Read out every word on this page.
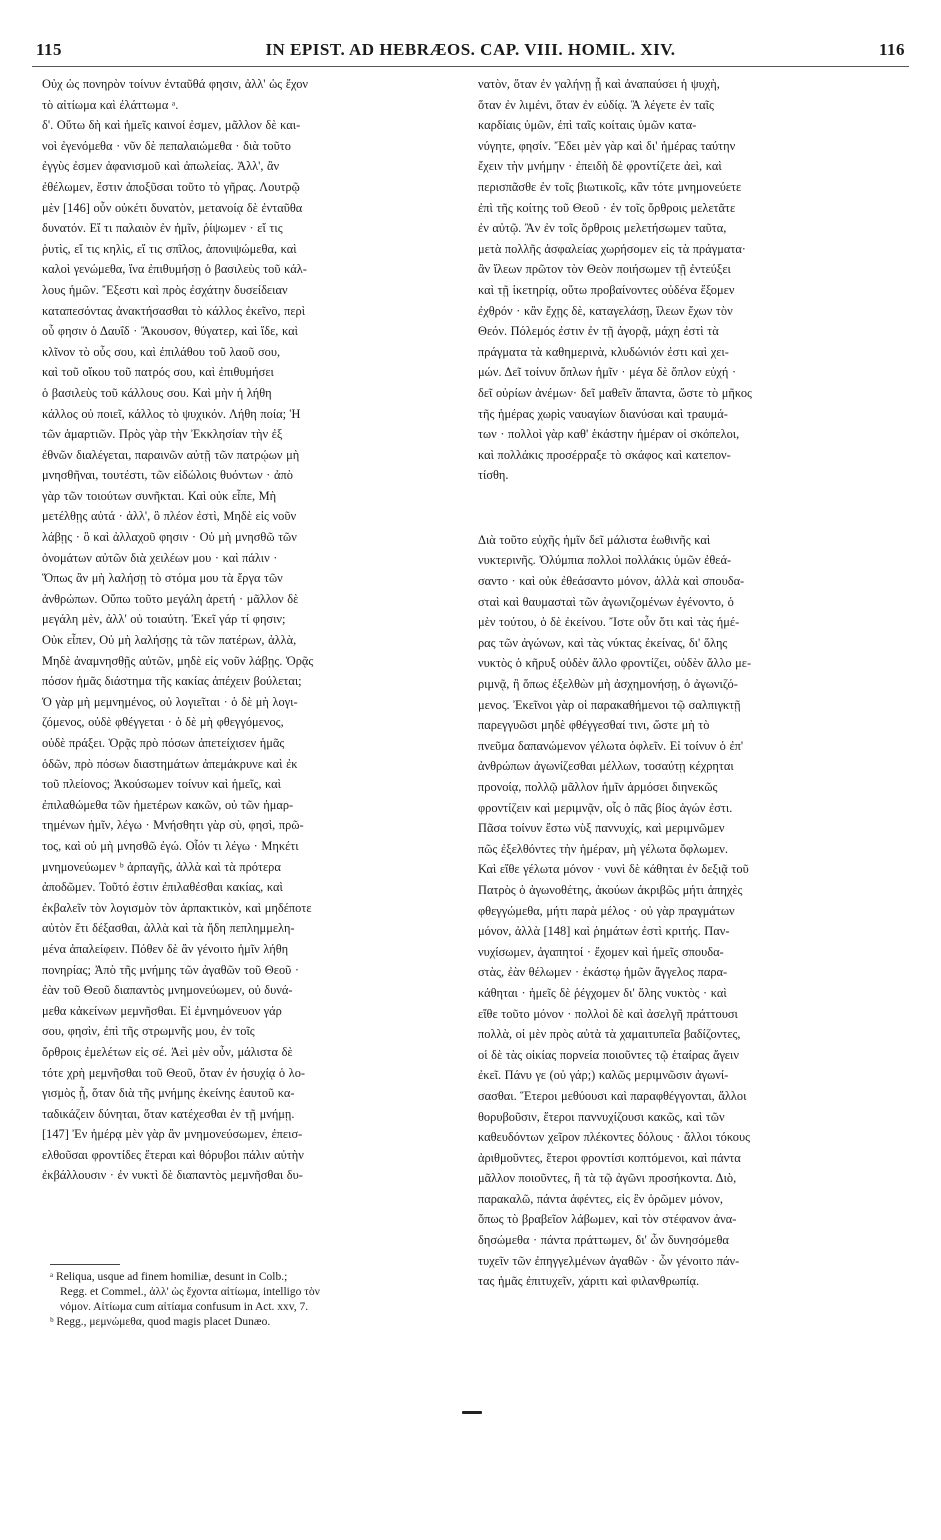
115	IN EPIST. AD HEBRÆOS. CAP. VIII. HOMIL. XIV.	116
Οὐχ ὡς πονηρὸν τοίνυν ἐνταῦθά φησιν, ἀλλ' ὡς ἔχον
τὸ αἰτίωμα καὶ ἐλάττωμα ᵃ.
δ'. Οὕτω δὴ καὶ ἡμεῖς καινοί ἐσμεν, μᾶλλον δὲ και-
νοὶ ἐγενόμεθα · νῦν δὲ πεπαλαιώμεθα · διὰ τοῦτο
ἐγγὺς ἐσμεν ἀφανισμοῦ καὶ ἀπωλείας. Ἀλλ', ἂν
ἐθέλωμεν, ἔστιν ἀποξῦσαι τοῦτο τὸ γῆρας. Λουτρῷ
μὲν [146] οὖν οὐκέτι δυνατὸν, μετανοίᾳ δὲ ἐνταῦθα
δυνατόν. Εἴ τι παλαιὸν ἐν ἡμῖν, ῥίψωμεν · εἴ τις
ῥυτὶς, εἴ τις κηλὶς, εἴ τις σπῖλος, ἀπονιψώμεθα, καὶ
καλοὶ γενώμεθα, ἵνα ἐπιθυμήσῃ ὁ βασιλεὺς τοῦ κάλ-
λους ἡμῶν. Ἔξεστι καὶ πρὸς ἐσχάτην δυσείδειαν
καταπεσόντας ἀνακτήσασθαι τὸ κάλλος ἐκεῖνο, περὶ
οὗ φησιν ὁ Δαυΐδ · Ἄκουσον, θύγατερ, καὶ ἴδε, καὶ
κλῖνον τὸ οὖς σου, καὶ ἐπιλάθου τοῦ λαοῦ σου,
καὶ τοῦ οἴκου τοῦ πατρός σου, καὶ ἐπιθυμήσει
ὁ βασιλεὺς τοῦ κάλλους σου. Καὶ μὴν ἡ λήθη
κάλλος οὐ ποιεῖ, κάλλος τὸ ψυχικόν. Λήθη ποία; Ἡ
τῶν ἁμαρτιῶν. Πρὸς γὰρ τὴν Ἐκκλησίαν τὴν ἐξ
ἐθνῶν διαλέγεται, παραινῶν αὐτῇ τῶν πατρῴων μὴ
μνησθῆναι, τουτέστι, τῶν εἰδώλοις θυόντων · ἀπὸ
γὰρ τῶν τοιούτων συνῆκται. Καὶ οὐκ εἶπε, Μὴ
μετέλθῃς αὐτά · ἀλλ', ὃ πλέον ἐστὶ, Μηδὲ εἰς νοῦν
λάβῃς · ὃ καὶ ἀλλαχοῦ φησιν · Οὐ μὴ μνησθῶ τῶν
ὀνομάτων αὐτῶν διὰ χειλέων μου · καὶ πάλιν ·
Ὅπως ἂν μὴ λαλήσῃ τὸ στόμα μου τὰ ἔργα τῶν
ἀνθρώπων. Οὕπω τοῦτο μεγάλη ἀρετή · μᾶλλον δὲ
μεγάλη μὲν, ἀλλ' οὐ τοιαύτη. Ἐκεῖ γάρ τί φησιν;
Οὐκ εἶπεν, Οὐ μὴ λαλήσῃς τὰ τῶν πατέρων, ἀλλὰ,
Μηδὲ ἀναμνησθῇς αὐτῶν, μηδὲ εἰς νοῦν λάβῃς. Ὁρᾷς
πόσον ἡμᾶς διάστημα τῆς κακίας ἀπέχειν βούλεται;
Ὁ γὰρ μὴ μεμνημένος, οὐ λογιεῖται · ὁ δὲ μὴ λογι-
ζόμενος, οὐδὲ φθέγγεται · ὁ δὲ μὴ φθεγγόμενος,
οὐδὲ πράξει. Ὁρᾷς πρὸ πόσων ἀπετείχισεν ἡμᾶς
ὁδῶν, πρὸ πόσων διαστημάτων ἀπεμάκρυνε καὶ ἐκ
τοῦ πλείονος; Ἀκούσωμεν τοίνυν καὶ ἡμεῖς, καὶ
ἐπιλαθώμεθα τῶν ἡμετέρων κακῶν, οὐ τῶν ἡμαρ-
τημένων ἡμῖν, λέγω · Μνήσθητι γὰρ σὺ, φησὶ, πρῶ-
τος, καὶ οὐ μὴ μνησθῶ ἐγώ. Οἷόν τι λέγω · Μηκέτι
μνημονεύωμεν ᵇ ἁρπαγῆς, ἀλλὰ καὶ τὰ πρότερα
ἀποδῶμεν. Τοῦτό ἐστιν ἐπιλαθέσθαι κακίας, καὶ
ἐκβαλεῖν τὸν λογισμὸν τὸν ἁρπακτικὸν, καὶ μηδέποτε
αὐτὸν ἔτι δέξασθαι, ἀλλὰ καὶ τὰ ἤδη πεπλημμελη-
μένα ἀπαλείφειν. Πόθεν δὲ ἂν γένοιτο ἡμῖν λήθη
πονηρίας; Ἀπὸ τῆς μνήμης τῶν ἀγαθῶν τοῦ Θεοῦ ·
ἐὰν τοῦ Θεοῦ διαπαντὸς μνημονεύωμεν, οὐ δυνά-
μεθα κἀκείνων μεμνῆσθαι. Εἰ ἐμνημόνευον γάρ
σου, φησὶν, ἐπὶ τῆς στρωμνῆς μου, ἐν τοῖς
ὄρθροις ἐμελέτων εἰς σέ. Ἀεὶ μὲν οὖν, μάλιστα δὲ
τότε χρὴ μεμνῆσθαι τοῦ Θεοῦ, ὅταν ἐν ἡσυχίᾳ ὁ λο-
γισμὸς ᾖ, ὅταν διὰ τῆς μνήμης ἐκείνης ἑαυτοῦ κα-
ταδικάζειν δύνηται, ὅταν κατέχεσθαι ἐν τῇ μνήμῃ.
[147] Ἐν ἡμέρᾳ μὲν γὰρ ἂν μνημονεύσωμεν, ἐπεισ-
ελθοῦσαι φροντίδες ἕτεραι καὶ θόρυβοι πάλιν αὐτὴν
ἐκβάλλουσιν · ἐν νυκτὶ δὲ διαπαντὸς μεμνῆσθαι δυ-
νατὸν, ὅταν ἐν γαλήνῃ ᾖ καὶ ἀναπαύσει ἡ ψυχὴ,
ὅταν ἐν λιμένι, ὅταν ἐν εὐδίᾳ. Ἃ λέγετε ἐν ταῖς
καρδίαις ὑμῶν, ἐπὶ ταῖς κοίταις ὑμῶν κατα-
νύγητε, φησίν. Ἔδει μὲν γὰρ καὶ δι' ἡμέρας ταύτην
ἔχειν τὴν μνήμην · ἐπειδὴ δὲ φροντίζετε ἀεὶ, καὶ
περισπᾶσθε ἐν τοῖς βιωτικοῖς, κἂν τότε μνημονεύετε
ἐπὶ τῆς κοίτης τοῦ Θεοῦ · ἐν τοῖς ὄρθροις μελετᾶτε
ἐν αὐτῷ. Ἂν ἐν τοῖς ὄρθροις μελετήσωμεν ταῦτα,
μετὰ πολλῆς ἀσφαλείας χωρήσομεν εἰς τὰ πράγματα·
ἂν ἵλεων πρῶτον τὸν Θεὸν ποιήσωμεν τῇ ἐντεύξει
καὶ τῇ ἱκετηρίᾳ, οὕτω προβαίνοντες οὐδένα ἕξομεν
ἐχθρόν · κἂν ἔχῃς δὲ, καταγελάσῃ, ἵλεων ἔχων τὸν
Θεόν. Πόλεμός ἐστιν ἐν τῇ ἀγορᾷ, μάχη ἐστὶ τὰ
πράγματα τὰ καθημερινὰ, κλυδώνιόν ἐστι καὶ χει-
μών. Δεῖ τοίνυν ὅπλων ἡμῖν · μέγα δὲ ὅπλον εὐχή ·
δεῖ οὐρίων ἀνέμων· δεῖ μαθεῖν ἅπαντα, ὥστε τὸ μῆκος
τῆς ἡμέρας χωρὶς ναυαγίων διανύσαι καὶ τραυμά-
των · πολλοὶ γὰρ καθ' ἑκάστην ἡμέραν οἱ σκόπελοι,
καὶ πολλάκις προσέρραξε τὸ σκάφος καὶ κατεπον-
τίσθη.
Διὰ τοῦτο εὐχῆς ἡμῖν δεῖ μάλιστα ἑωθινῆς καὶ
νυκτερινῆς. Ὀλύμπια πολλοὶ πολλάκις ὑμῶν ἐθεά-
σαντο · καὶ οὐκ ἐθεάσαντο μόνον, ἀλλὰ καὶ σπουδα-
σταὶ καὶ θαυμασταὶ τῶν ἀγωνιζομένων ἐγένοντο, ὁ
μὲν τούτου, ὁ δὲ ἐκείνου. Ἴστε οὖν ὅτι καὶ τὰς ἡμέ-
ρας τῶν ἀγώνων, καὶ τὰς νύκτας ἐκείνας, δι' ὅλης
νυκτὸς ὁ κῆρυξ οὐδὲν ἄλλο φροντίζει, οὐδὲν ἄλλο με-
ριμνᾷ, ἢ ὅπως ἐξελθὼν μὴ ἀσχημονήσῃ, ὁ ἀγωνιζό-
μενος. Ἐκεῖνοι γὰρ οἱ παρακαθήμενοι τῷ σαλπιγκτῇ
παρεγγυῶσι μηδὲ φθέγγεσθαί τινι, ὥστε μὴ τὸ
πνεῦμα δαπανώμενον γέλωτα ὀφλεῖν. Εἰ τοίνυν ὁ ἐπ'
ἀνθρώπων ἀγωνίζεσθαι μέλλων, τοσαύτῃ κέχρηται
προνοίᾳ, πολλῷ μᾶλλον ἡμῖν ἁρμόσει διηνεκῶς
φροντίζειν καὶ μεριμνᾷν, οἷς ὁ πᾶς βίος ἀγών ἐστι.
Πᾶσα τοίνυν ἔστω νὺξ παννυχίς, καὶ μεριμνῶμεν
πῶς ἐξελθόντες τὴν ἡμέραν, μὴ γέλωτα ὄφλωμεν.
Καὶ εἴθε γέλωτα μόνον · νυνὶ δὲ κάθηται ἐν δεξιᾷ τοῦ
Πατρὸς ὁ ἀγωνοθέτης, ἀκούων ἀκριβῶς μήτι ἀπηχὲς
φθεγγώμεθα, μήτι παρὰ μέλος · οὐ γὰρ πραγμάτων
μόνον, ἀλλὰ [148] καὶ ῥημάτων ἐστὶ κριτής. Παν-
νυχίσωμεν, ἀγαπητοί · ἔχομεν καὶ ἡμεῖς σπουδα-
στὰς, ἐὰν θέλωμεν · ἑκάστῳ ἡμῶν ἄγγελος παρα-
κάθηται · ἡμεῖς δὲ ῥέγχομεν δι' ὅλης νυκτὸς · καὶ
εἴθε τοῦτο μόνον · πολλοὶ δὲ καὶ ἀσελγῆ πράττουσι
πολλὰ, οἱ μὲν πρὸς αὐτὰ τὰ χαμαιτυπεῖα βαδίζοντες,
οἱ δὲ τὰς οἰκίας πορνεία ποιοῦντες τῷ ἑταίρας ἄγειν
ἐκεῖ. Πάνυ γε (οὐ γάρ;) καλῶς μεριμνῶσιν ἀγωνί-
σασθαι. Ἕτεροι μεθύουσι καὶ παραφθέγγονται, ἄλλοι
θορυβοῦσιν, ἕτεροι παννυχίζουσι κακῶς, καὶ τῶν
καθευδόντων χεῖρον πλέκοντες δόλους · ἄλλοι τόκους
ἀριθμοῦντες, ἕτεροι φροντίσι κοπτόμενοι, καὶ πάντα
μᾶλλον ποιοῦντες, ἢ τὰ τῷ ἀγῶνι προσήκοντα. Διὸ,
παρακαλῶ, πάντα ἀφέντες, εἰς ἓν ὁρῶμεν μόνον,
ὅπως τὸ βραβεῖον λάβωμεν, καὶ τὸν στέφανον ἀνα-
δησώμεθα · πάντα πράττωμεν, δι' ὧν δυνησόμεθα
τυχεῖν τῶν ἐπηγγελμένων ἀγαθῶν · ὧν γένοιτο πάν-
τας ἡμᾶς ἐπιτυχεῖν, χάριτι καὶ φιλανθρωπίᾳ.
ᵃ Reliqua, usque ad finem homiliæ, desunt in Colb.;
Regg. et Commel., ἀλλ' ὡς ἔχοντα αἰτίωμα, intelligo τὸν
νόμον. Αἰτίωμα cum αἰτίαμα confusum in Act. xxv, 7.
ᵇ Regg., μεμνώμεθα, quod magis placet Dunæo.
